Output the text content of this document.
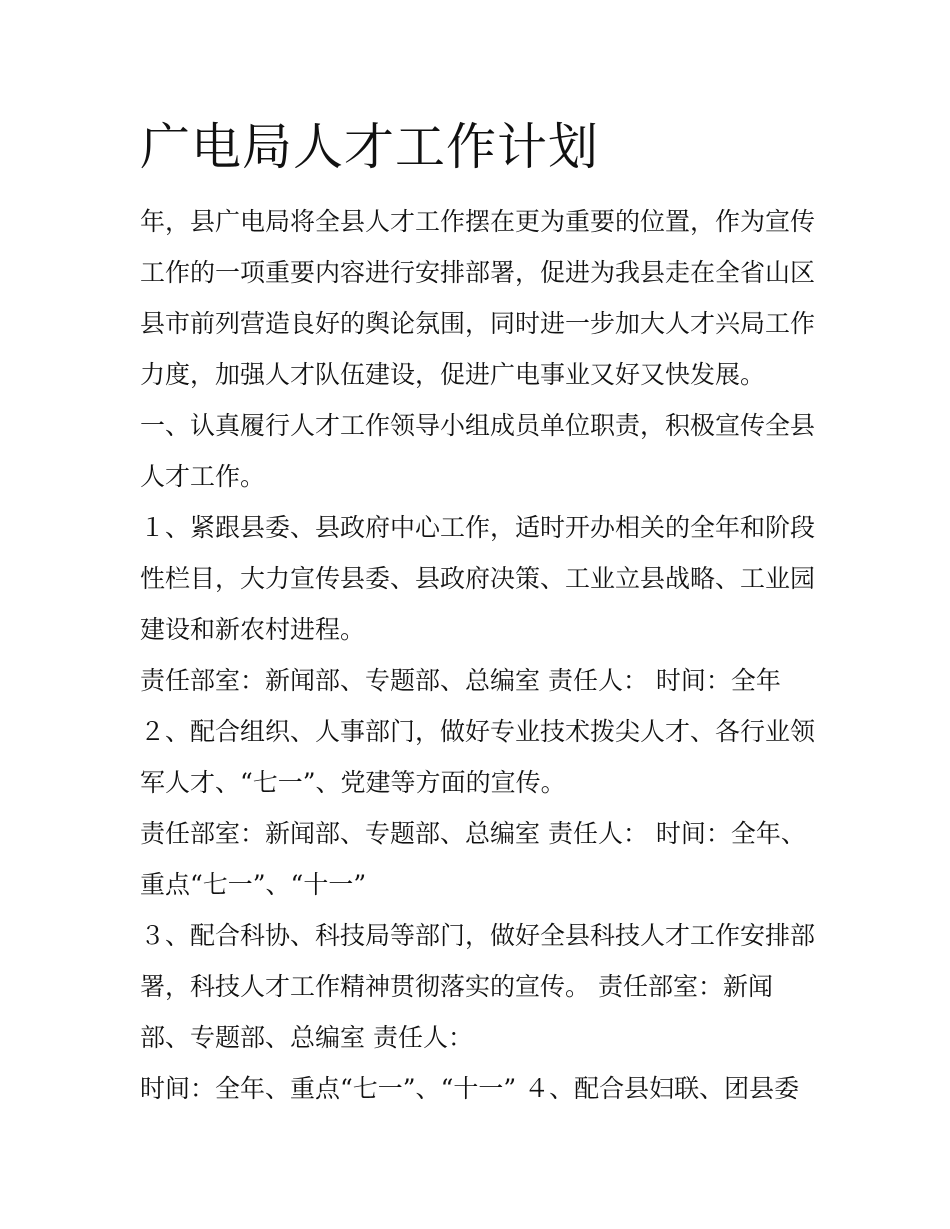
广电局人才工作计划
年，县广电局将全县人才工作摆在更为重要的位置，作为宣传
工作的一项重要内容进行安排部署，促进为我县走在全省山区
县市前列营造良好的舆论氛围，同时进一步加大人才兴局工作
力度，加强人才队伍建设，促进广电事业又好又快发展。
一、认真履行人才工作领导小组成员单位职责，积极宣传全县
人才工作。
１、紧跟县委、县政府中心工作，适时开办相关的全年和阶段
性栏目，大力宣传县委、县政府决策、工业立县战略、工业园
建设和新农村进程。
责任部室：新闻部、专题部、总编室 责任人： 时间：全年
２、配合组织、人事部门，做好专业技术拨尖人才、各行业领
军人才、“七一”、党建等方面的宣传。
责任部室：新闻部、专题部、总编室 责任人： 时间：全年、
重点“七一”、“十一”
３、配合科协、科技局等部门，做好全县科技人才工作安排部
署，科技人才工作精神贯彻落实的宣传。 责任部室：新闻
部、专题部、总编室 责任人：
时间：全年、重点“七一”、“十一” ４、配合县妇联、团县委
